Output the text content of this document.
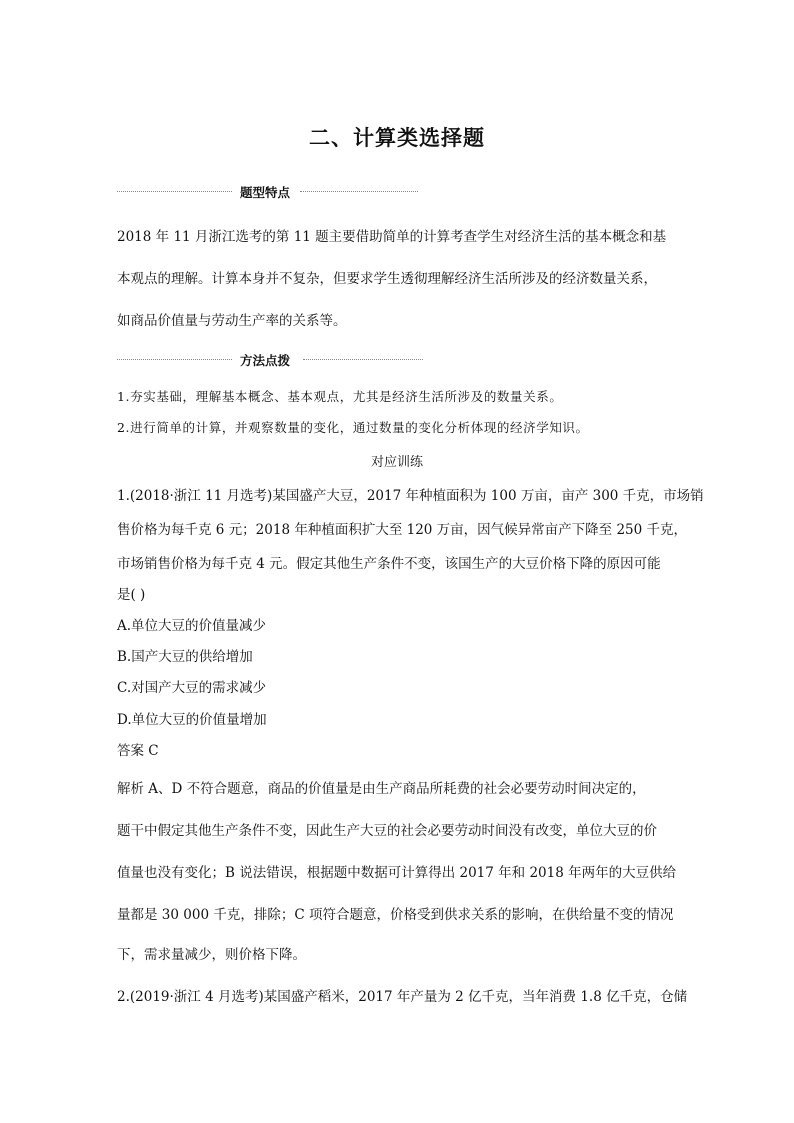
二、计算类选择题
题型特点
2018 年 11 月浙江选考的第 11 题主要借助简单的计算考查学生对经济生活的基本概念和基
本观点的理解。计算本身并不复杂，但要求学生透彻理解经济生活所涉及的经济数量关系，
如商品价值量与劳动生产率的关系等。
方法点拨
1.夯实基础，理解基本概念、基本观点，尤其是经济生活所涉及的数量关系。
2.进行简单的计算，并观察数量的变化，通过数量的变化分析体现的经济学知识。
对应训练
1.(2018·浙江 11 月选考)某国盛产大豆，2017 年种植面积为 100 万亩，亩产 300 千克，市场销
售价格为每千克 6 元；2018 年种植面积扩大至 120 万亩，因气候异常亩产下降至 250 千克，
市场销售价格为每千克 4 元。假定其他生产条件不变，该国生产的大豆价格下降的原因可能
是( )
A.单位大豆的价值量减少
B.国产大豆的供给增加
C.对国产大豆的需求减少
D.单位大豆的价值量增加
答案 C
解析 A、D 不符合题意，商品的价值量是由生产商品所耗费的社会必要劳动时间决定的，
题干中假定其他生产条件不变，因此生产大豆的社会必要劳动时间没有改变，单位大豆的价
值量也没有变化；B 说法错误，根据题中数据可计算得出 2017 年和 2018 年两年的大豆供给
量都是 30 000 千克，排除；C 项符合题意，价格受到供求关系的影响，在供给量不变的情况
下，需求量减少，则价格下降。
2.(2019·浙江 4 月选考)某国盛产稻米，2017 年产量为 2 亿千克，当年消费 1.8 亿千克，仓储
